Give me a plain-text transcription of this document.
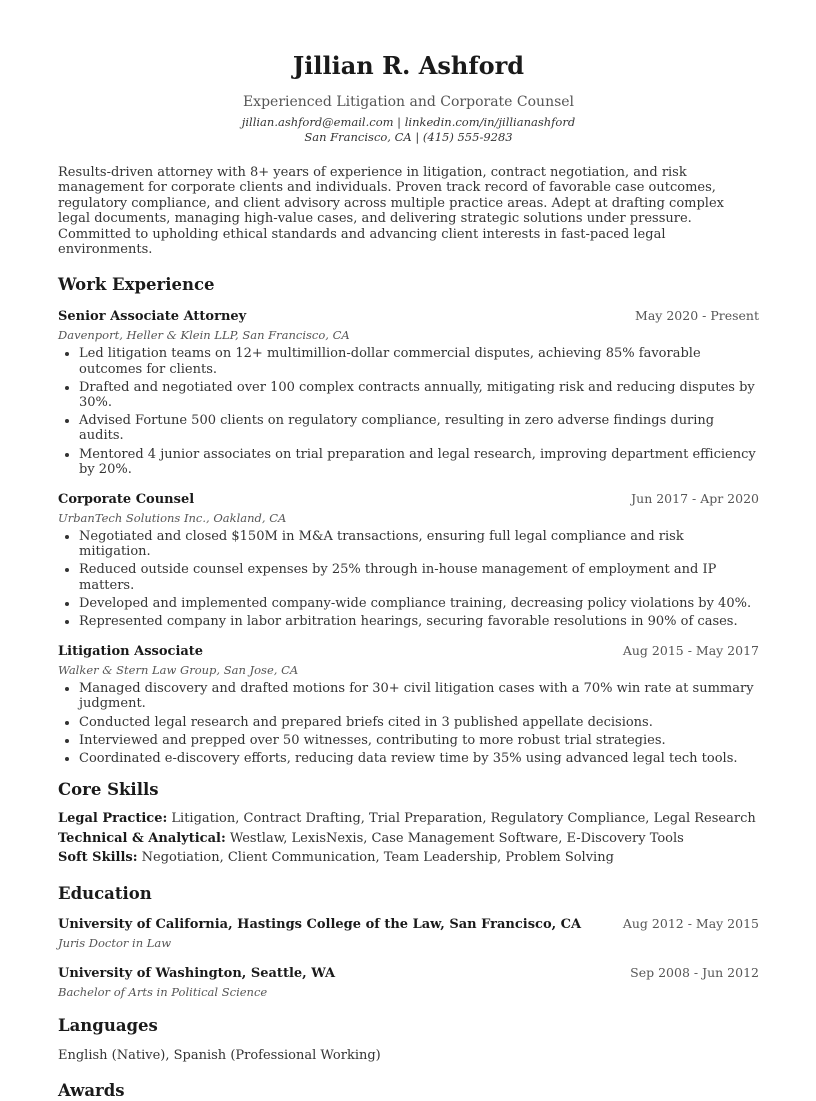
Jillian R. Ashford
Experienced Litigation and Corporate Counsel
jillian.ashford@email.com | linkedin.com/in/jillianashford
San Francisco, CA | (415) 555-9283

Results-driven attorney with 8+ years of experience in litigation, contract negotiation, and risk management for corporate clients and individuals. Proven track record of favorable case outcomes, regulatory compliance, and client advisory across multiple practice areas. Adept at drafting complex legal documents, managing high-value cases, and delivering strategic solutions under pressure. Committed to upholding ethical standards and advancing client interests in fast-paced legal environments.

Work Experience
Senior Associate Attorney	May 2020 - Present
Davenport, Heller & Klein LLP, San Francisco, CA
• Led litigation teams on 12+ multimillion-dollar commercial disputes, achieving 85% favorable outcomes for clients.
• Drafted and negotiated over 100 complex contracts annually, mitigating risk and reducing disputes by 30%.
• Advised Fortune 500 clients on regulatory compliance, resulting in zero adverse findings during audits.
• Mentored 4 junior associates on trial preparation and legal research, improving department efficiency by 20%.
Corporate Counsel	Jun 2017 - Apr 2020
UrbanTech Solutions Inc., Oakland, CA
• Negotiated and closed $150M in M&A transactions, ensuring full legal compliance and risk mitigation.
• Reduced outside counsel expenses by 25% through in-house management of employment and IP matters.
• Developed and implemented company-wide compliance training, decreasing policy violations by 40%.
• Represented company in labor arbitration hearings, securing favorable resolutions in 90% of cases.
Litigation Associate	Aug 2015 - May 2017
Walker & Stern Law Group, San Jose, CA
• Managed discovery and drafted motions for 30+ civil litigation cases with a 70% win rate at summary judgment.
• Conducted legal research and prepared briefs cited in 3 published appellate decisions.
• Interviewed and prepped over 50 witnesses, contributing to more robust trial strategies.
• Coordinated e-discovery efforts, reducing data review time by 35% using advanced legal tech tools.
Core Skills
Legal Practice: Litigation, Contract Drafting, Trial Preparation, Regulatory Compliance, Legal Research
Technical & Analytical: Westlaw, LexisNexis, Case Management Software, E-Discovery Tools
Soft Skills: Negotiation, Client Communication, Team Leadership, Problem Solving
Education
University of California, Hastings College of the Law, San Francisco, CA	Aug 2012 - May 2015
Juris Doctor in Law
University of Washington, Seattle, WA	Sep 2008 - Jun 2012
Bachelor of Arts in Political Science
Languages
English (Native), Spanish (Professional Working)
Awards
